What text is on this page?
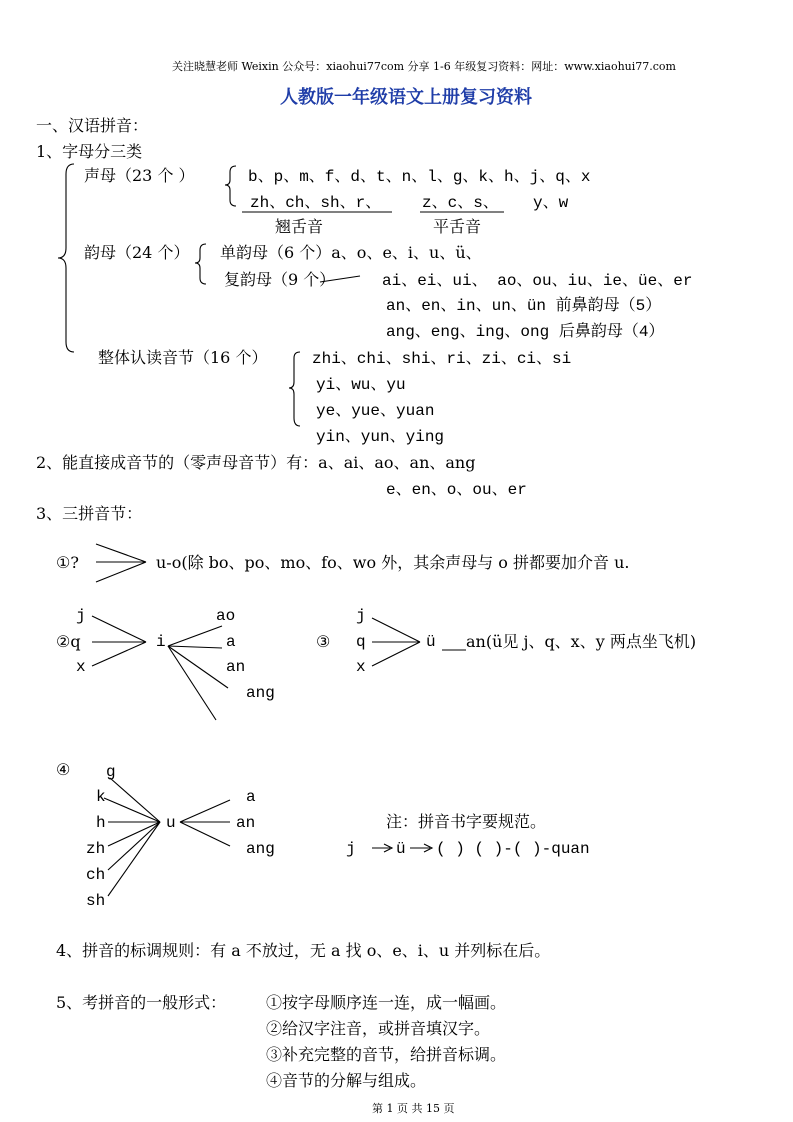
关注晓慧老师 Weixin 公众号：xiaohui77com 分享 1-6 年级复习资料：网址：www.xiaohui77.com
人教版一年级语文上册复习资料
一、汉语拼音：
1、字母分三类
声母（23 个 ）	b、p、m、f、d、t、n、l、g、k、h、j、q、x
zh、ch、sh、r、	z、c、s、 y、w
翘舌音	平舌音
韵母（24 个） 单韵母（6 个）a、o、e、i、u、ü、
复韵母（9 个）	ai、ei、ui、 ao、ou、iu、ie、üe、er
an、en、in、un、ün 前鼻韵母（5）
ang、eng、ing、ong 后鼻韵母（4）
整体认读音节（16 个）	zhi、chi、shi、ri、zi、ci、si
yi、wu、yu
ye、yue、yuan
yin、yun、ying
2、能直接成音节的（零声母音节）有：a、ai、ao、an、ang
e、en、o、ou、er
3、三拼音节：
①?	u-o(除 bo、po、mo、fo、wo 外，其余声母与 o 拼都要加介音 u.
j
②q
x
i
ao
a
an
ang
③
j
q
x
ü an(ü见 j、q、x、y 两点坐飞机)
④ g
k
h
zh
ch
sh
u
a
an
ang
注：拼音书字要规范。
j	ü ( ) ( )-( )-quan
4、拼音的标调规则：有 a 不放过，无 a 找 o、e、i、u 并列标在后。
5、考拼音的一般形式： ①按字母顺序连一连，成一幅画。
②给汉字注音，或拼音填汉字。
③补充完整的音节，给拼音标调。
④音节的分解与组成。
第 1 页 共 15 页
